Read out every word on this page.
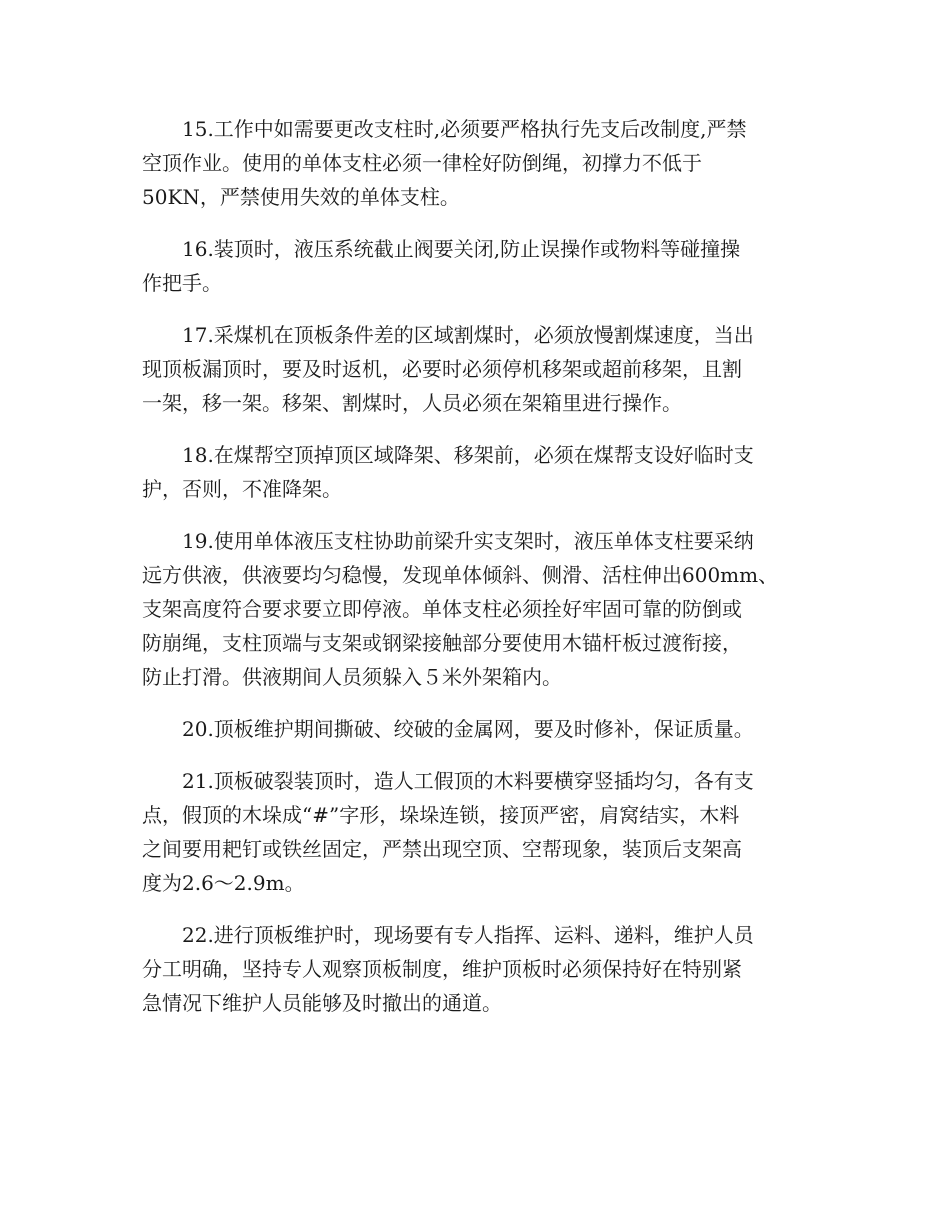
15.工作中如需要更改支柱时,必须要严格执行先支后改制度,严禁
空顶作业。使用的单体支柱必须一律栓好防倒绳，初撑力不低于
50KN，严禁使用失效的单体支柱。
16.装顶时，液压系统截止阀要关闭,防止误操作或物料等碰撞操
作把手。
17.采煤机在顶板条件差的区域割煤时，必须放慢割煤速度，当出
现顶板漏顶时，要及时返机，必要时必须停机移架或超前移架，且割
一架，移一架。移架、割煤时，人员必须在架箱里进行操作。
18.在煤帮空顶掉顶区域降架、移架前，必须在煤帮支设好临时支
护，否则，不准降架。
19.使用单体液压支柱协助前梁升实支架时，液压单体支柱要采纳
远方供液，供液要均匀稳慢，发现单体倾斜、侧滑、活柱伸出600mm、
支架高度符合要求要立即停液。单体支柱必须拴好牢固可靠的防倒或
防崩绳，支柱顶端与支架或钢梁接触部分要使用木锚杆板过渡衔接，
防止打滑。供液期间人员须躲入５米外架箱内。
20.顶板维护期间撕破、绞破的金属网，要及时修补，保证质量。
21.顶板破裂装顶时，造人工假顶的木料要横穿竖插均匀，各有支
点，假顶的木垛成“#”字形，垛垛连锁，接顶严密，肩窝结实，木料
之间要用耙钉或铁丝固定，严禁出现空顶、空帮现象，装顶后支架高
度为2.6～2.9m。
22.进行顶板维护时，现场要有专人指挥、运料、递料，维护人员
分工明确，坚持专人观察顶板制度，维护顶板时必须保持好在特别紧
急情况下维护人员能够及时撤出的通道。
